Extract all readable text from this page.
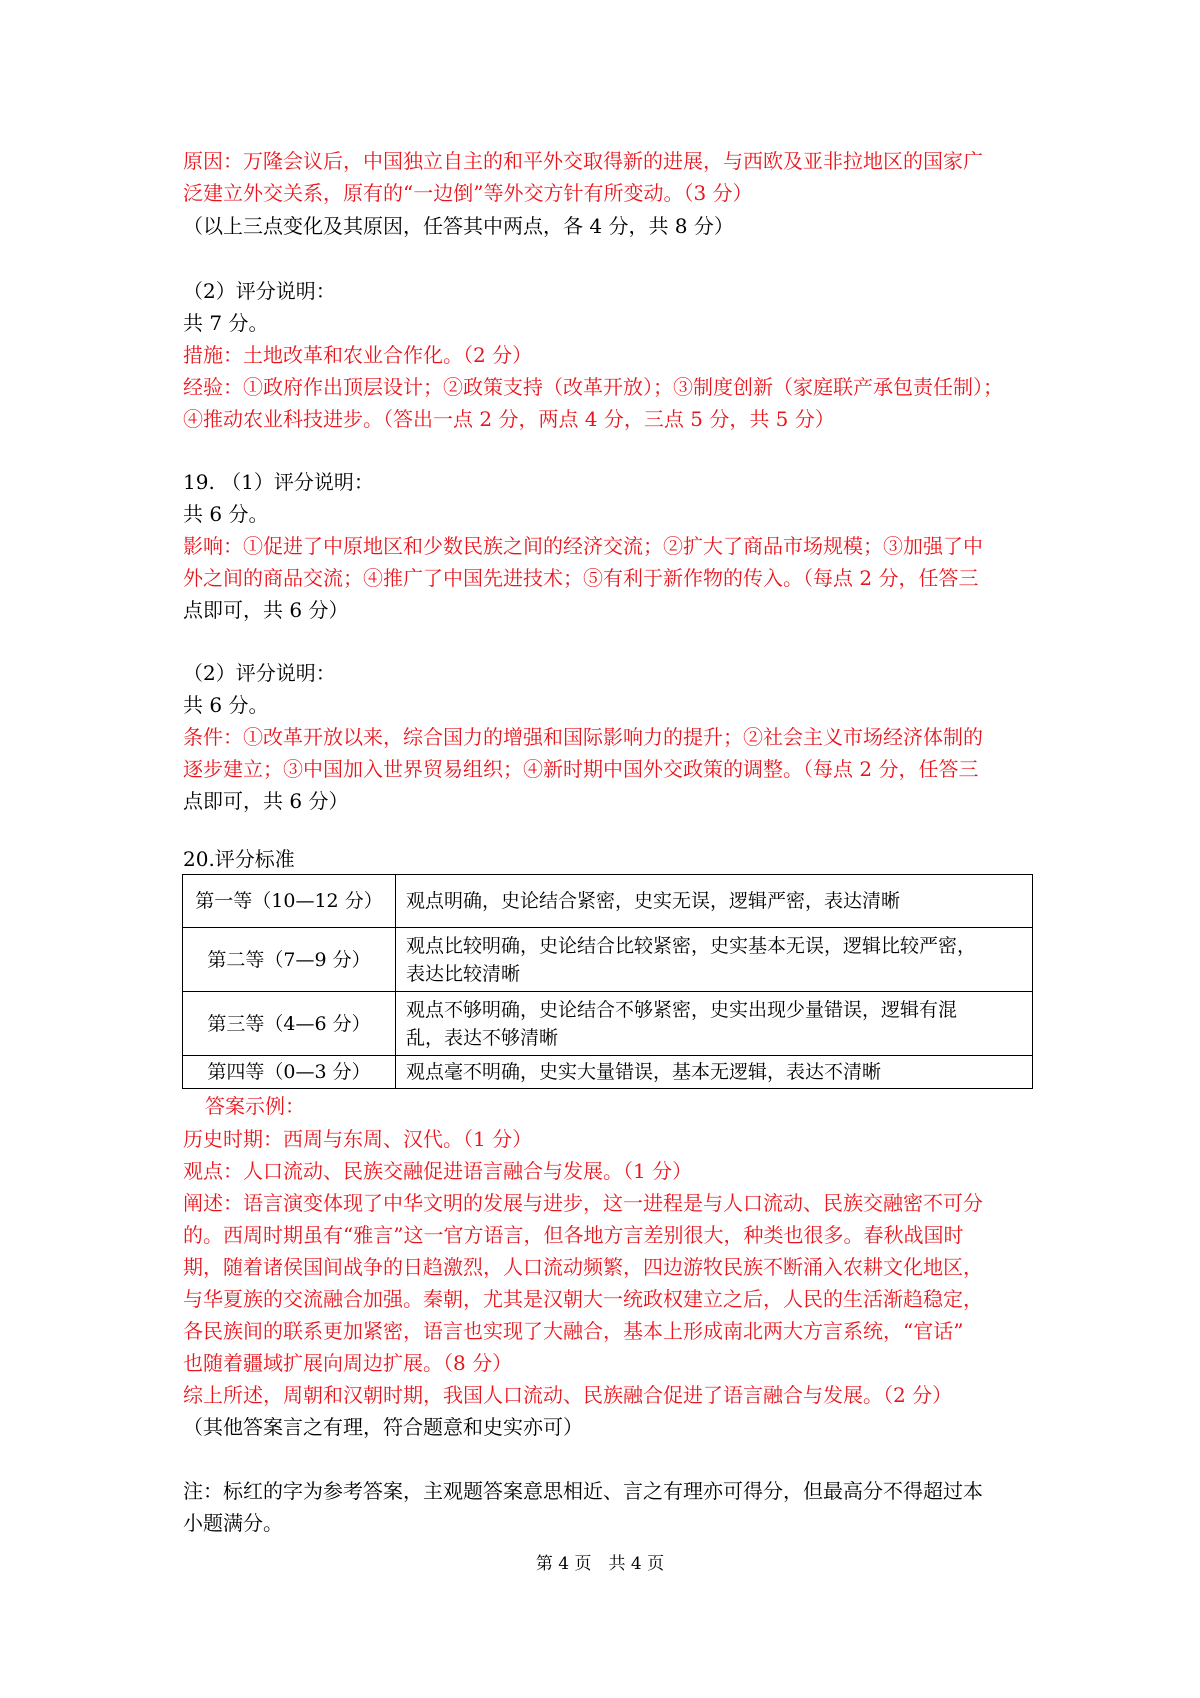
原因：万隆会议后，中国独立自主的和平外交取得新的进展，与西欧及亚非拉地区的国家广
泛建立外交关系，原有的“一边倒”等外交方针有所变动。（3 分）
（以上三点变化及其原因，任答其中两点，各 4 分，共 8 分）
（2）评分说明：
共 7 分。
措施：土地改革和农业合作化。（2 分）
经验：①政府作出顶层设计；②政策支持（改革开放）；③制度创新（家庭联产承包责任制）；
④推动农业科技进步。（答出一点 2 分，两点 4 分，三点 5 分，共 5 分）
19. （1）评分说明：
共 6 分。
影响：①促进了中原地区和少数民族之间的经济交流；②扩大了商品市场规模；③加强了中
外之间的商品交流；④推广了中国先进技术；⑤有利于新作物的传入。（每点 2 分，任答三
点即可，共 6 分）
（2）评分说明：
共 6 分。
条件：①改革开放以来，综合国力的增强和国际影响力的提升；②社会主义市场经济体制的
逐步建立；③中国加入世界贸易组织；④新时期中国外交政策的调整。（每点 2 分，任答三
点即可，共 6 分）
20.评分标准
第一等（10—12 分）	观点明确，史论结合紧密，史实无误，逻辑严密，表达清晰

第二等（7—9 分）	观点比较明确，史论结合比较紧密，史实基本无误，逻辑比较严密，
表达比较清晰

第三等（4—6 分）	观点不够明确，史论结合不够紧密，史实出现少量错误，逻辑有混
乱，表达不够清晰

第四等（0—3 分）	观点毫不明确，史实大量错误，基本无逻辑，表达不清晰
答案示例：
历史时期：西周与东周、汉代。（1 分）
观点：人口流动、民族交融促进语言融合与发展。（1 分）
阐述：语言演变体现了中华文明的发展与进步，这一进程是与人口流动、民族交融密不可分
的。西周时期虽有“雅言”这一官方语言，但各地方言差别很大，种类也很多。春秋战国时
期，随着诸侯国间战争的日趋激烈，人口流动频繁，四边游牧民族不断涌入农耕文化地区，
与华夏族的交流融合加强。秦朝，尤其是汉朝大一统政权建立之后，人民的生活渐趋稳定，
各民族间的联系更加紧密，语言也实现了大融合，基本上形成南北两大方言系统，“官话”
也随着疆域扩展向周边扩展。（8 分）
综上所述，周朝和汉朝时期，我国人口流动、民族融合促进了语言融合与发展。（2 分）
（其他答案言之有理，符合题意和史实亦可）
注：标红的字为参考答案，主观题答案意思相近、言之有理亦可得分，但最高分不得超过本
小题满分。
第 4 页　共 4 页
